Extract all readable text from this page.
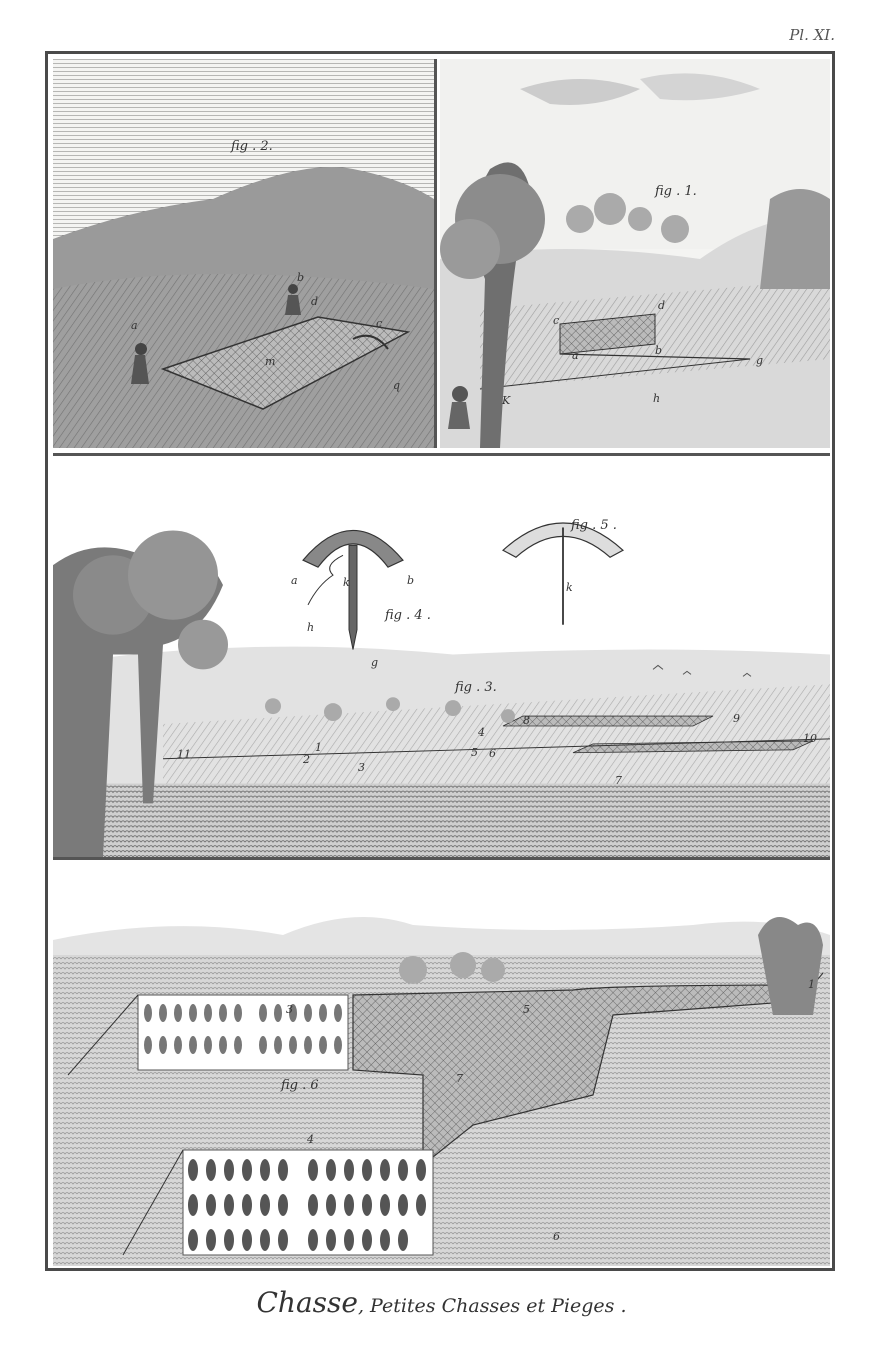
Pl. XI.
fig . 2.
a
b
d
m
c
q
fig . 1.
c
d
a	b
K	h
g
fig . 5 .
k
fig . 4 .
a	k	b
h
g
fig . 3.
11	2
1
3
4
5 6
7
8	9
10
fig . 6
3	5
1
4
6
7
Chasse, Petites Chasses et Pieges .
